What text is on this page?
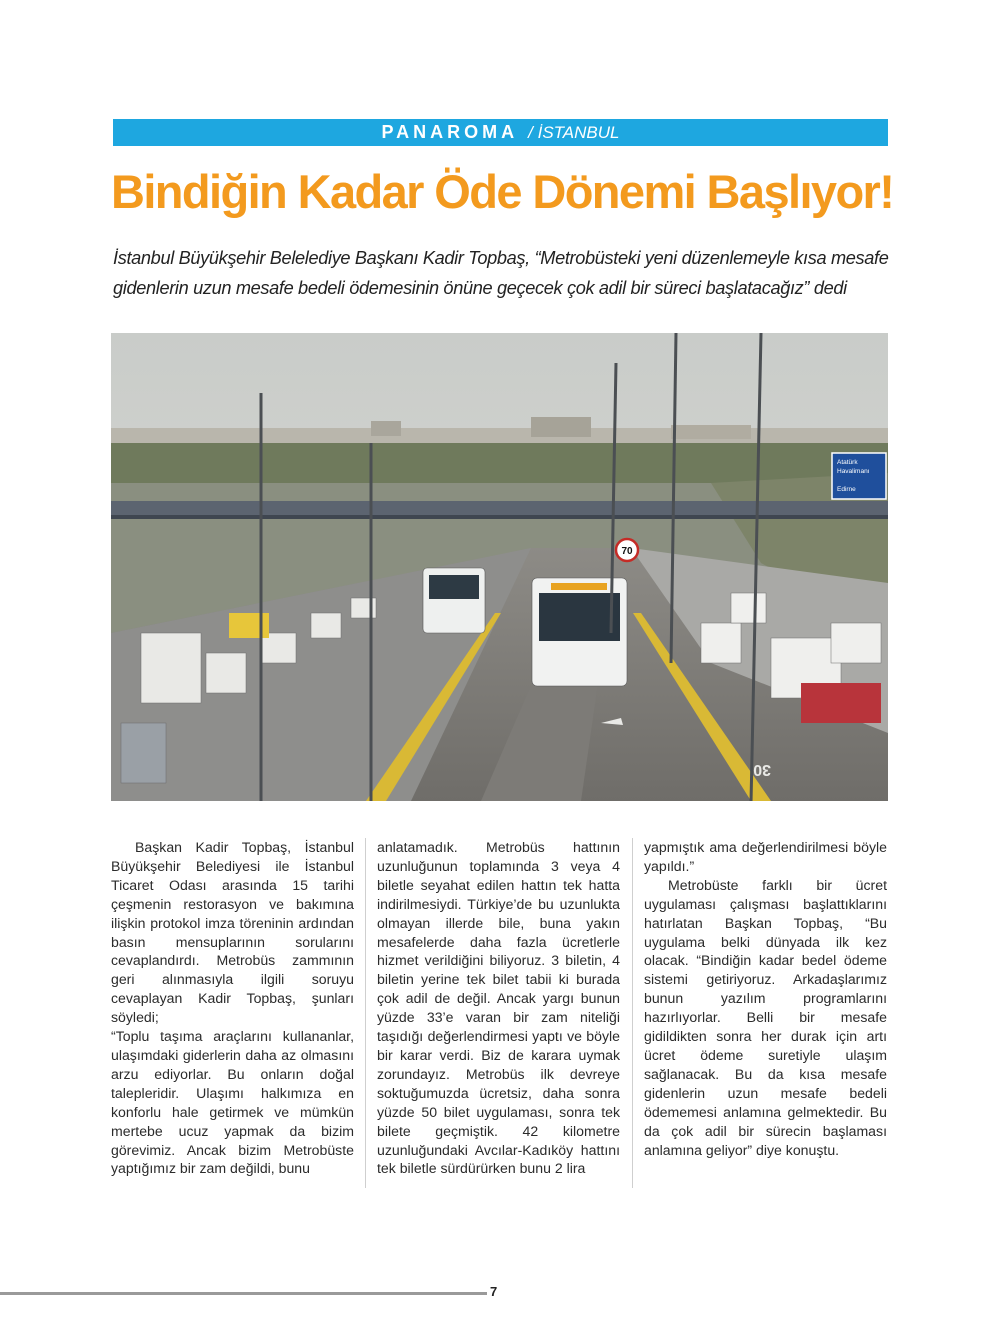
PANAROMA / İSTANBUL
Bindiğin Kadar Öde Dönemi Başlıyor!
İstanbul Büyükşehir Belelediye Başkanı Kadir Topbaş, “Metrobüsteki yeni düzenlemeyle kısa mesafe gidenlerin uzun mesafe bedeli ödemesinin önüne geçecek çok adil bir süreci başlatacağız” dedi
70
Atatürk
Havalimanı
Edirne
30

Başkan Kadir Topbaş, İstanbul Büyükşehir Belediyesi ile İstanbul Ticaret Odası arasında 15 tarihi çeşmenin restorasyon ve bakımına ilişkin protokol imza töreninin ardından basın mensuplarının sorularını cevaplandırdı. Metrobüs zammının geri alınmasıyla ilgili soruyu cevaplayan Kadir Topbaş, şunları söyledi;

“Toplu taşıma araçlarını kullananlar, ulaşımdaki giderlerin daha az olmasını arzu ediyorlar. Bu onların doğal talepleridir. Ulaşımı halkımıza en konforlu hale getirmek ve mümkün mertebe ucuz yapmak da bizim görevimiz. Ancak bizim Metrobüste yaptığımız bir zam değildi, bunu

anlatamadık. Metrobüs hattının uzunluğunun toplamında 3 veya 4 biletle seyahat edilen hattın tek hatta indirilmesiydi. Türkiye’de bu uzunlukta olmayan illerde bile, buna yakın mesafelerde daha fazla ücretlerle hizmet verildiğini biliyoruz. 3 biletin, 4 biletin yerine tek bilet tabii ki burada çok adil de değil. Ancak yargı bunun yüzde 33’e varan bir zam niteliği taşıdığı değerlendirmesi yaptı ve böyle bir karar verdi. Biz de karara uymak zorundayız. Metrobüs ilk devreye soktuğumuzda ücretsiz, daha sonra yüzde 50 bilet uygulaması, sonra tek bilete geçmiştik. 42 kilometre uzunluğundaki Avcılar-Kadıköy hattını tek biletle sürdürürken bunu 2 lira

yapmıştık ama değerlendirilmesi böyle yapıldı.”

Metrobüste farklı bir ücret uygulaması çalışması başlattıklarını hatırlatan Başkan Topbaş, “Bu uygulama belki dünyada ilk kez olacak. “Bindiğin kadar bedel ödeme sistemi getiriyoruz. Arkadaşlarımız bunun yazılım programlarını hazırlıyorlar. Belli bir mesafe gidildikten sonra her durak için artı ücret ödeme suretiyle ulaşım sağlanacak. Bu da kısa mesafe gidenlerin uzun mesafe bedeli ödememesi anlamına gelmektedir. Bu da çok adil bir sürecin başlaması anlamına geliyor” diye konuştu.

7
